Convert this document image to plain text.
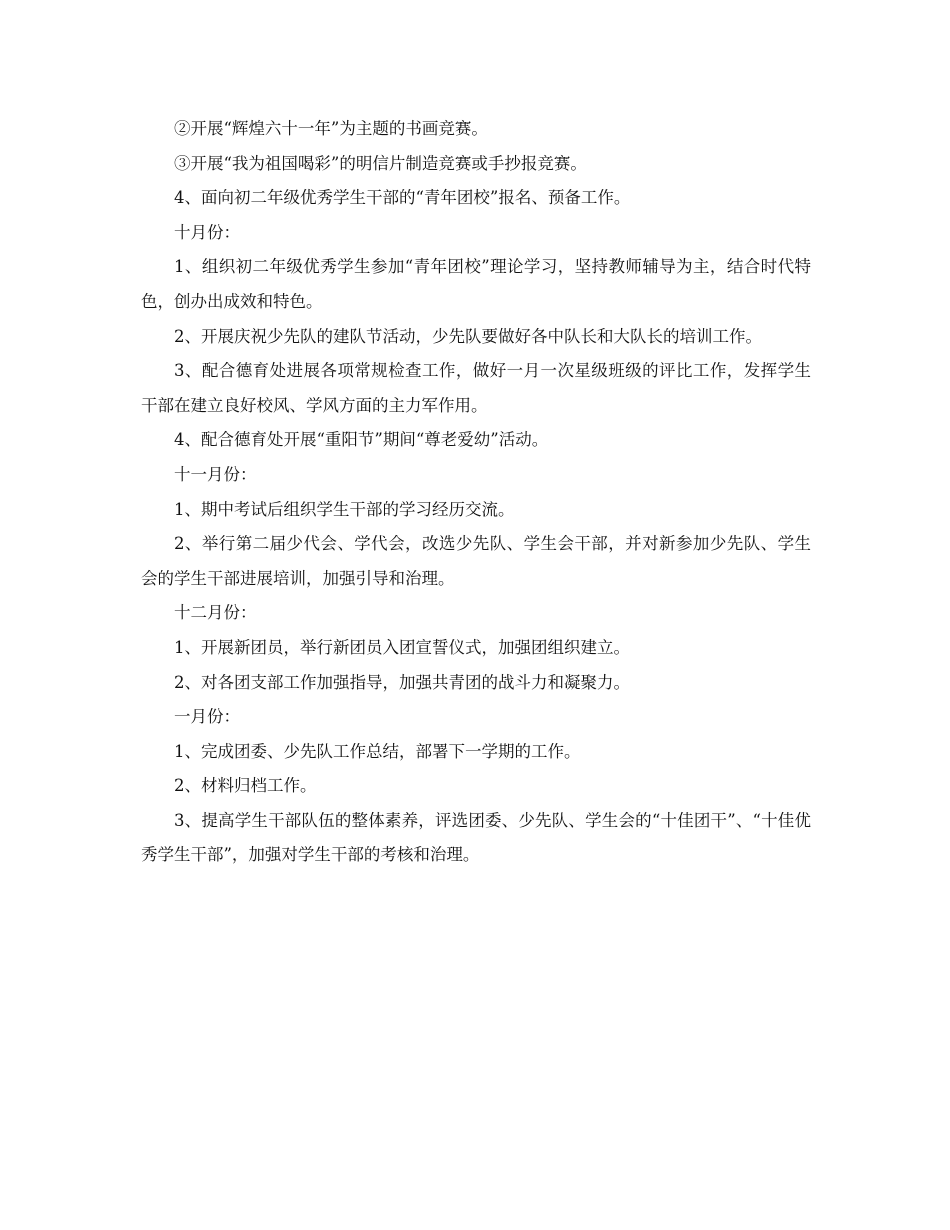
②开展“辉煌六十一年”为主题的书画竞赛。

③开展“我为祖国喝彩”的明信片制造竞赛或手抄报竞赛。

4、面向初二年级优秀学生干部的“青年团校”报名、预备工作。

十月份：

1、组织初二年级优秀学生参加“青年团校”理论学习，坚持教师辅导为主，结合时代特色，创办出成效和特色。

2、开展庆祝少先队的建队节活动，少先队要做好各中队长和大队长的培训工作。

3、配合德育处进展各项常规检查工作，做好一月一次星级班级的评比工作，发挥学生干部在建立良好校风、学风方面的主力军作用。

4、配合德育处开展“重阳节”期间“尊老爱幼”活动。

十一月份：

1、期中考试后组织学生干部的学习经历交流。

2、举行第二届少代会、学代会，改选少先队、学生会干部，并对新参加少先队、学生会的学生干部进展培训，加强引导和治理。

十二月份：

1、开展新团员，举行新团员入团宣誓仪式，加强团组织建立。

2、对各团支部工作加强指导，加强共青团的战斗力和凝聚力。

一月份：

1、完成团委、少先队工作总结，部署下一学期的工作。

2、材料归档工作。

3、提高学生干部队伍的整体素养，评选团委、少先队、学生会的“十佳团干”、“十佳优秀学生干部”，加强对学生干部的考核和治理。
